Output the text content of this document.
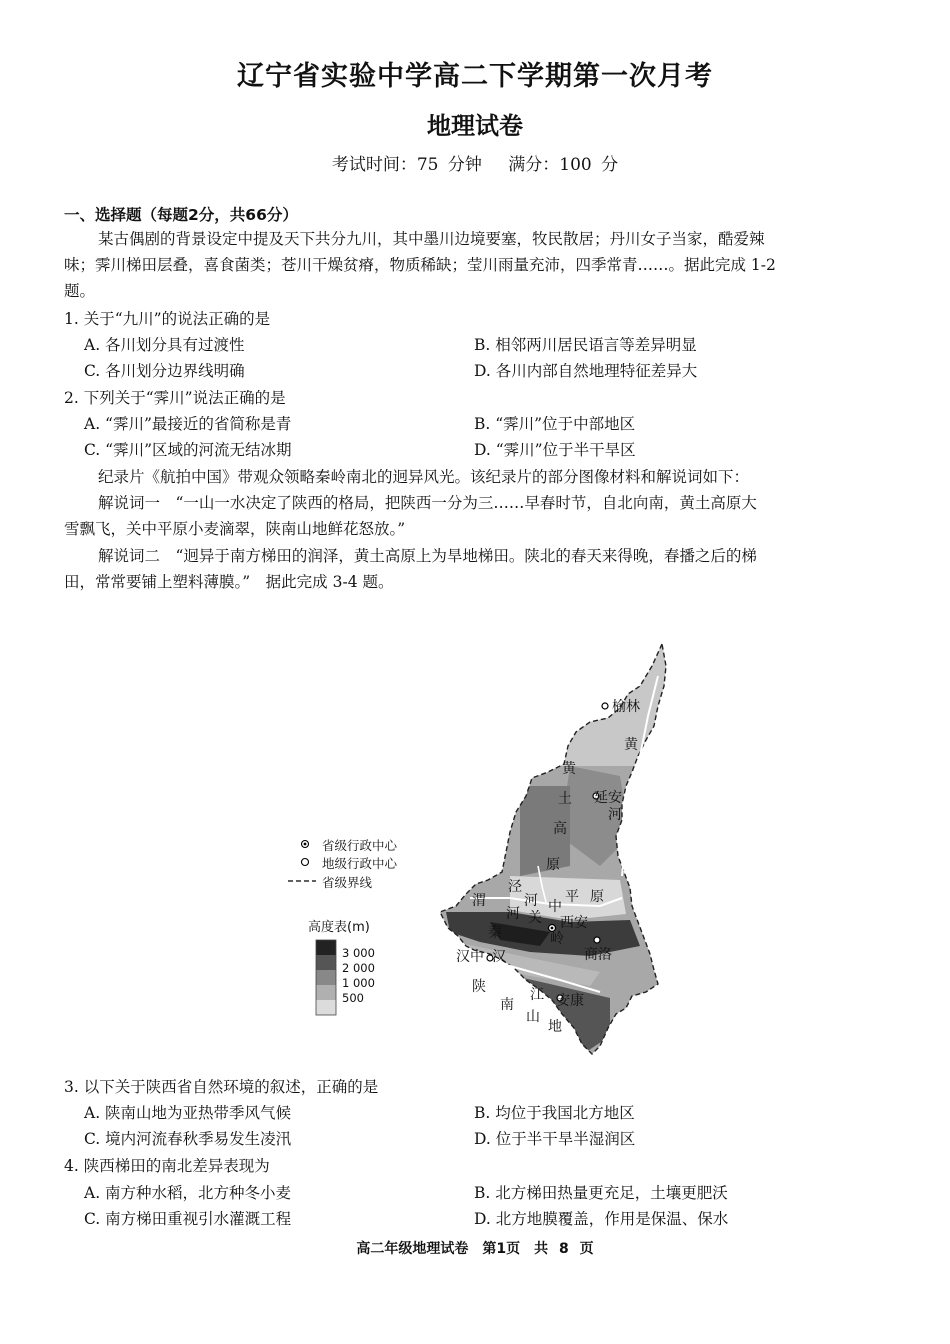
辽宁省实验中学高二下学期第一次月考
地理试卷
考试时间：75 分钟　 满分：100 分
一、选择题（每题2分，共66分）
某古偶剧的背景设定中提及天下共分九川，其中墨川边境要塞，牧民散居；丹川女子当家，酷爱辣
味；霁川梯田层叠，喜食菌类；苍川干燥贫瘠，物质稀缺；莹川雨量充沛，四季常青……。据此完成 1-2
题。
1. 关于“九川”的说法正确的是
A. 各川划分具有过渡性	B. 相邻两川居民语言等差异明显
C. 各川划分边界线明确	D. 各川内部自然地理特征差异大
2. 下列关于“霁川”说法正确的是
A. “霁川”最接近的省简称是青	B. “霁川”位于中部地区
C. “霁川”区域的河流无结冰期	D. “霁川”位于半干旱区
纪录片《航拍中国》带观众领略秦岭南北的迥异风光。该纪录片的部分图像材料和解说词如下：
解说词一　“一山一水决定了陕西的格局，把陕西一分为三……早春时节，自北向南，黄土高原大
雪飘飞，关中平原小麦滴翠，陕南山地鲜花怒放。”
解说词二　“迥异于南方梯田的润泽，黄土高原上为旱地梯田。陕北的春天来得晚，春播之后的梯
田，常常要铺上塑料薄膜。”　据此完成 3-4 题。
省级行政中心
地级行政中心
省级界线
高度表(m)
3 000
2 000
1 000
500
榆林
黄
黄
土 延安
河
高
原
泾
平 原
渭	河 中
河 关 西安
秦	岭
商洛
汉中 汉
陕	江 安康
南
山
地
3. 以下关于陕西省自然环境的叙述，正确的是
A. 陕南山地为亚热带季风气候	B. 均位于我国北方地区
C. 境内河流春秋季易发生凌汛	D. 位于半干旱半湿润区
4. 陕西梯田的南北差异表现为
A. 南方种水稻，北方种冬小麦	B. 北方梯田热量更充足，土壤更肥沃
C. 南方梯田重视引水灌溉工程	D. 北方地膜覆盖，作用是保温、保水
高二年级地理试卷　第1页　共 8 页
